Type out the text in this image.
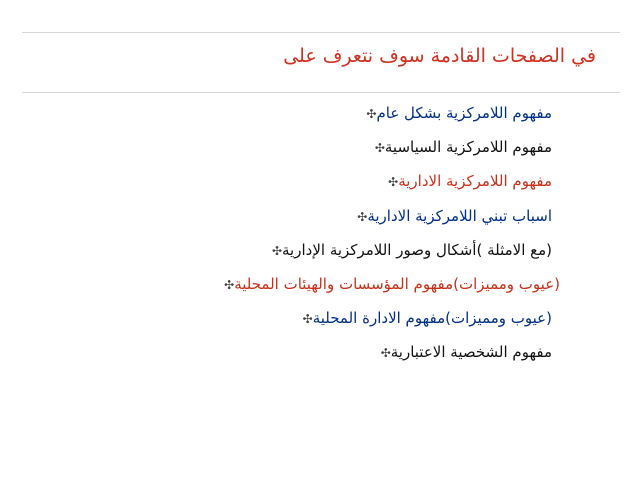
في الصفحات القادمة سوف نتعرف على
مفهوم اللامركزية بشكل عام✣
مفهوم اللامركزية السياسية✣
مفهوم اللامركزية الادارية✣
اسباب تبني اللامركزية الادارية✣
(مع الامثلة )أشكال وصور اللامركزية الإدارية✣
(عيوب ومميزات)مفهوم المؤسسات والهيئات المحلية✣
(عيوب ومميزات)مفهوم الادارة المحلية✣
مفهوم الشخصية الاعتبارية✣
